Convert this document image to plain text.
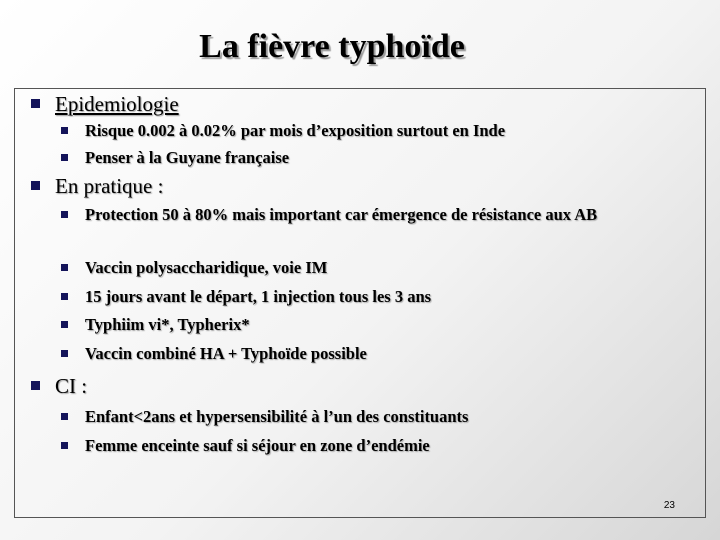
La fièvre typhoïde
Epidemiologie
Risque 0.002 à 0.02% par mois d’exposition surtout en Inde
Penser à la Guyane française
En pratique :
Protection 50 à 80% mais important car émergence de résistance aux AB
Vaccin polysaccharidique, voie IM
15 jours avant le départ, 1 injection tous les 3 ans
Typhiim vi*, Typherix*
Vaccin combiné HA + Typhoïde possible
CI :
Enfant<2ans et hypersensibilité à l’un des constituants
Femme enceinte sauf si séjour en zone d’endémie
23
